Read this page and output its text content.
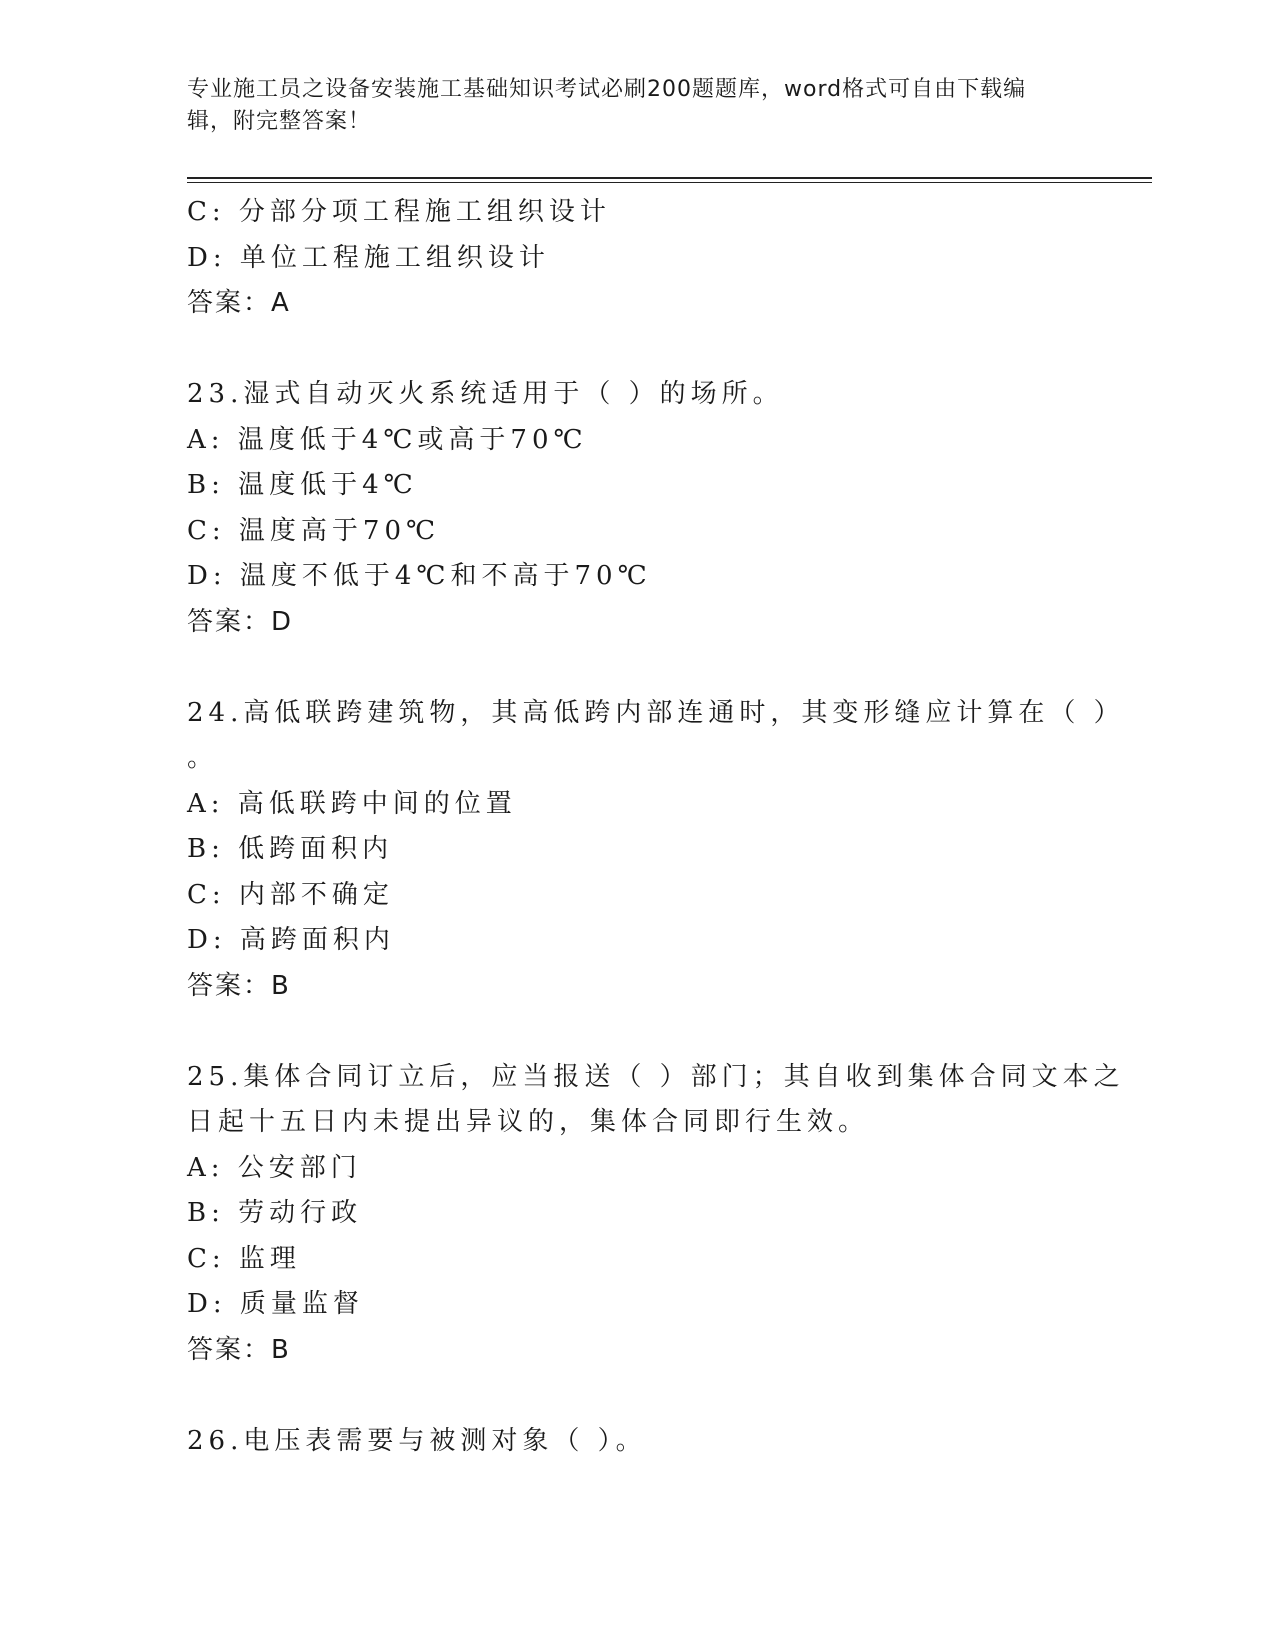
专业施工员之设备安装施工基础知识考试必刷200题题库，word格式可自由下载编辑，附完整答案！
C: 分部分项工程施工组织设计
D: 单位工程施工组织设计
答案：A
23.湿式自动灭火系统适用于（ ）的场所。
A: 温度低于4℃或高于70℃
B: 温度低于4℃
C: 温度高于70℃
D: 温度不低于4℃和不高于70℃
答案：D
24.高低联跨建筑物，其高低跨内部连通时，其变形缝应计算在（ ）
。
A: 高低联跨中间的位置
B: 低跨面积内
C: 内部不确定
D: 高跨面积内
答案：B
25.集体合同订立后，应当报送（ ）部门；其自收到集体合同文本之
日起十五日内未提出异议的，集体合同即行生效。
A: 公安部门
B: 劳动行政
C: 监理
D: 质量监督
答案：B
26.电压表需要与被测对象（ ）。
